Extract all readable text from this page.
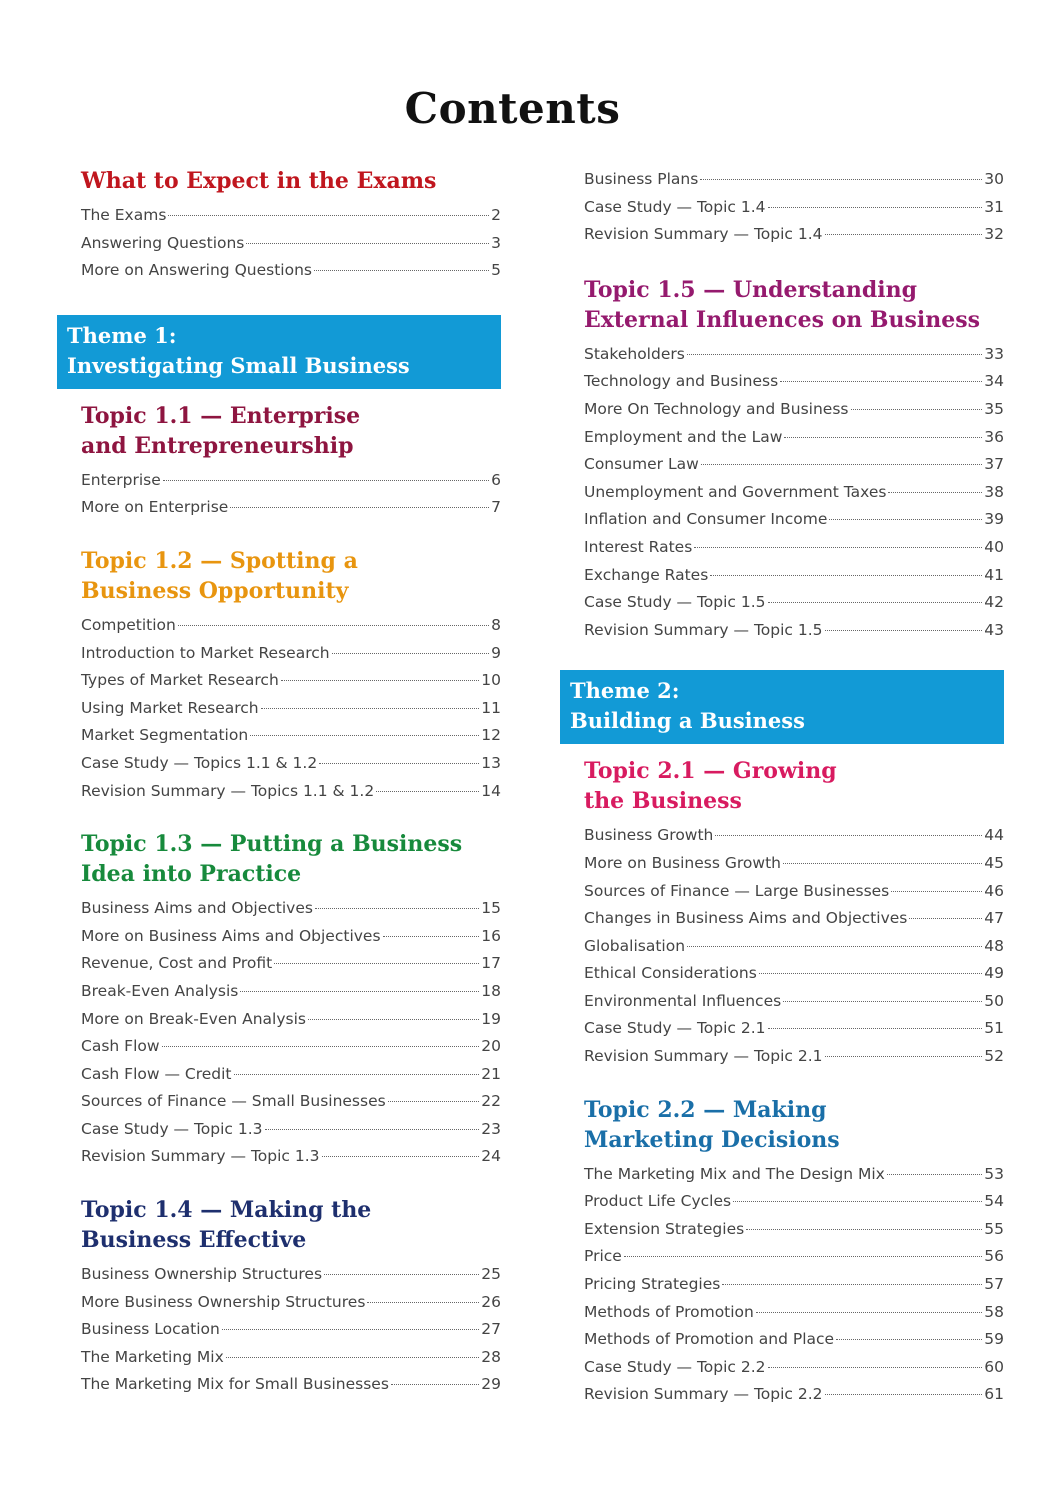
Contents
What to Expect in the Exams
The Exams	2
Answering Questions	3
More on Answering Questions	5
Theme 1:
Investigating Small Business
Topic 1.1 — Enterprise
and Entrepreneurship
Enterprise	6
More on Enterprise	7
Topic 1.2 — Spotting a
Business Opportunity
Competition	8
Introduction to Market Research	9
Types of Market Research	10
Using Market Research	11
Market Segmentation	12
Case Study — Topics 1.1 & 1.2	13
Revision Summary — Topics 1.1 & 1.2	14
Topic 1.3 — Putting a Business
Idea into Practice
Business Aims and Objectives	15
More on Business Aims and Objectives	16
Revenue, Cost and Profit	17
Break-Even Analysis	18
More on Break-Even Analysis	19
Cash Flow	20
Cash Flow — Credit	21
Sources of Finance — Small Businesses	22
Case Study — Topic 1.3	23
Revision Summary — Topic 1.3	24
Topic 1.4 — Making the
Business Effective
Business Ownership Structures	25
More Business Ownership Structures	26
Business Location	27
The Marketing Mix	28
The Marketing Mix for Small Businesses	29
Business Plans	30
Case Study — Topic 1.4	31
Revision Summary — Topic 1.4	32
Topic 1.5 — Understanding
External Influences on Business
Stakeholders	33
Technology and Business	34
More On Technology and Business	35
Employment and the Law	36
Consumer Law	37
Unemployment and Government Taxes	38
Inflation and Consumer Income	39
Interest Rates	40
Exchange Rates	41
Case Study — Topic 1.5	42
Revision Summary — Topic 1.5	43
Theme 2:
Building a Business
Topic 2.1 — Growing
the Business
Business Growth	44
More on Business Growth	45
Sources of Finance — Large Businesses	46
Changes in Business Aims and Objectives	47
Globalisation	48
Ethical Considerations	49
Environmental Influences	50
Case Study — Topic 2.1	51
Revision Summary — Topic 2.1	52
Topic 2.2 — Making
Marketing Decisions
The Marketing Mix and The Design Mix	53
Product Life Cycles	54
Extension Strategies	55
Price	56
Pricing Strategies	57
Methods of Promotion	58
Methods of Promotion and Place	59
Case Study — Topic 2.2	60
Revision Summary — Topic 2.2	61
